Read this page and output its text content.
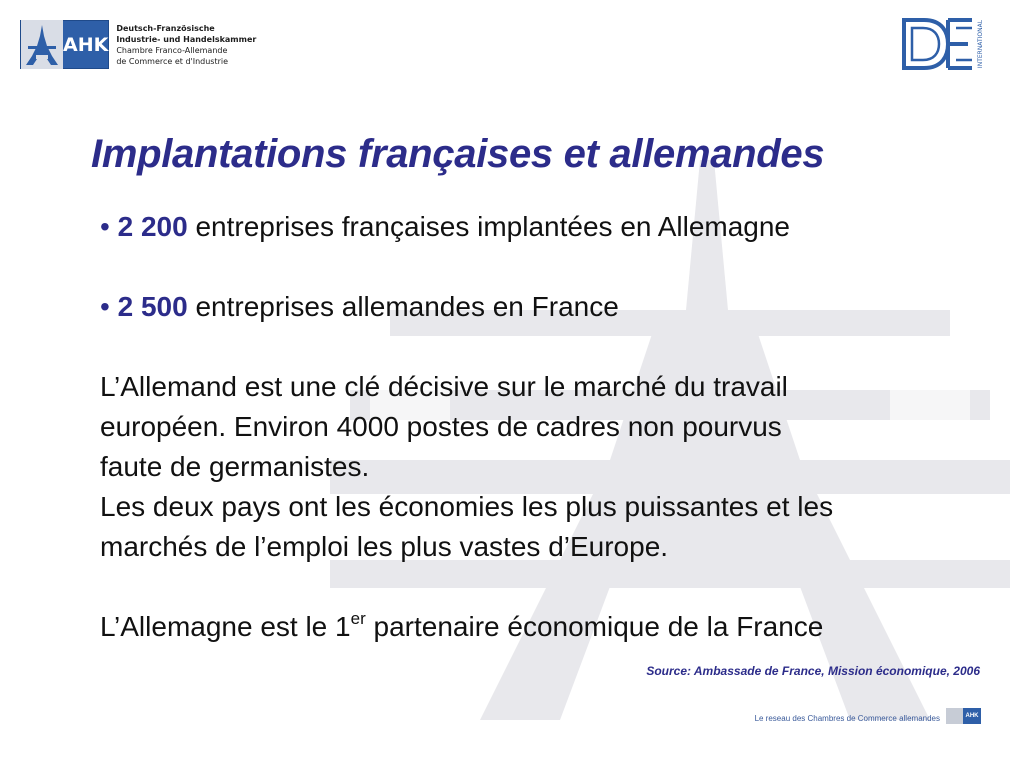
AHK
Deutsch-Französische
Industrie- und Handelskammer
Chambre Franco-Allemande
de Commerce et d'Industrie	INTERNATIONAL
Implantations françaises et allemandes

• 2 200 entreprises françaises implantées en Allemagne

• 2 500 entreprises allemandes en France

L’Allemand est une clé décisive sur le marché du travail

européen. Environ 4000 postes de cadres non pourvus

faute de germanistes.

Les deux pays ont les économies les plus puissantes et les

marchés de l’emploi les plus vastes d’Europe.

L’Allemagne est le 1er partenaire économique de la France

Source: Ambassade de France, Mission économique, 2006
Le reseau des Chambres de Commerce allemandes	AHK
